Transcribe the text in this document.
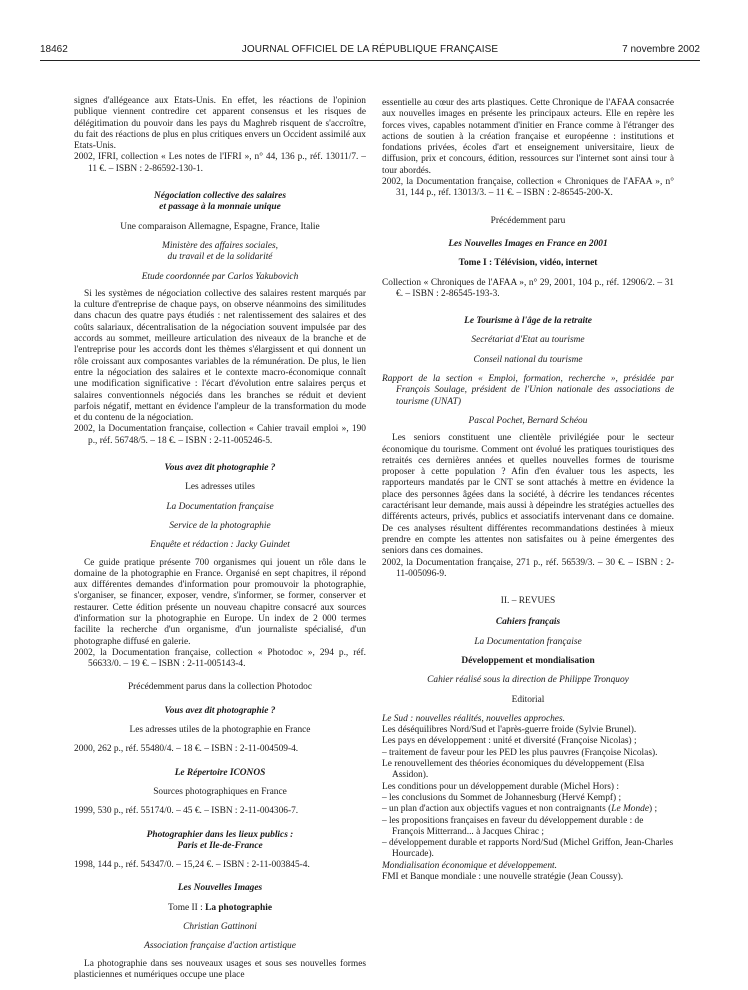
18462	JOURNAL OFFICIEL DE LA RÉPUBLIQUE FRANÇAISE	7 novembre 2002

signes d'allégeance aux Etats-Unis. En effet, les réactions de l'opinion publique viennent contredire cet apparent consensus et les risques de délégitimation du pouvoir dans les pays du Maghreb risquent de s'accroître, du fait des réactions de plus en plus critiques envers un Occident assimilé aux Etats-Unis.

2002, IFRI, collection « Les notes de l'IFRI », n° 44, 136 p., réf. 13011/7. – 11 €. – ISBN : 2-86592-130-1.

Négociation collective des salaires

et passage à la monnaie unique

Une comparaison Allemagne, Espagne, France, Italie

Ministère des affaires sociales,

du travail et de la solidarité

Etude coordonnée par Carlos Yakubovich

Si les systèmes de négociation collective des salaires restent marqués par la culture d'entreprise de chaque pays, on observe néanmoins des similitudes dans chacun des quatre pays étudiés : net ralentissement des salaires et des coûts salariaux, décentralisation de la négociation souvent impulsée par des accords au sommet, meilleure articulation des niveaux de la branche et de l'entreprise pour les accords dont les thèmes s'élargissent et qui donnent un rôle croissant aux composantes variables de la rémunération. De plus, le lien entre la négociation des salaires et le contexte macro-économique connaît une modification significative : l'écart d'évolution entre salaires perçus et salaires conventionnels négociés dans les branches se réduit et devient parfois négatif, mettant en évidence l'ampleur de la transformation du mode et du contenu de la négociation.

2002, la Documentation française, collection « Cahier travail emploi », 190 p., réf. 56748/5. – 18 €. – ISBN : 2-11-005246-5.

Vous avez dit photographie ?

Les adresses utiles

La Documentation française

Service de la photographie

Enquête et rédaction : Jacky Guindet

Ce guide pratique présente 700 organismes qui jouent un rôle dans le domaine de la photographie en France. Organisé en sept chapitres, il répond aux différentes demandes d'information pour promouvoir la photographie, s'organiser, se financer, exposer, vendre, s'informer, se former, conserver et restaurer. Cette édition présente un nouveau chapitre consacré aux sources d'information sur la photographie en Europe. Un index de 2 000 termes facilite la recherche d'un organisme, d'un journaliste spécialisé, d'un photographe diffusé en galerie.

2002, la Documentation française, collection « Photodoc », 294 p., réf. 56633/0. – 19 €. – ISBN : 2-11-005143-4.

Précédemment parus dans la collection Photodoc

Vous avez dit photographie ?

Les adresses utiles de la photographie en France

2000, 262 p., réf. 55480/4. – 18 €. – ISBN : 2-11-004509-4.

Le Répertoire ICONOS

Sources photographiques en France

1999, 530 p., réf. 55174/0. – 45 €. – ISBN : 2-11-004306-7.

Photographier dans les lieux publics :

Paris et Ile-de-France

1998, 144 p., réf. 54347/0. – 15,24 €. – ISBN : 2-11-003845-4.

Les Nouvelles Images

Tome II : La photographie

Christian Gattinoni

Association française d'action artistique

La photographie dans ses nouveaux usages et sous ses nouvelles formes plasticiennes et numériques occupe une place

essentielle au cœur des arts plastiques. Cette Chronique de l'AFAA consacrée aux nouvelles images en présente les principaux acteurs. Elle en repère les forces vives, capables notamment d'initier en France comme à l'étranger des actions de soutien à la création française et européenne : institutions et fondations privées, écoles d'art et enseignement universitaire, lieux de diffusion, prix et concours, édition, ressources sur l'internet sont ainsi tour à tour abordés.

2002, la Documentation française, collection « Chroniques de l'AFAA », n° 31, 144 p., réf. 13013/3. – 11 €. – ISBN : 2-86545-200-X.

Précédemment paru

Les Nouvelles Images en France en 2001

Tome I : Télévision, vidéo, internet

Collection « Chroniques de l'AFAA », n° 29, 2001, 104 p., réf. 12906/2. – 31 €. – ISBN : 2-86545-193-3.

Le Tourisme à l'âge de la retraite

Secrétariat d'Etat au tourisme

Conseil national du tourisme

Rapport de la section « Emploi, formation, recherche », présidée par François Soulage, président de l'Union nationale des associations de tourisme (UNAT)

Pascal Pochet, Bernard Schéou

Les seniors constituent une clientèle privilégiée pour le secteur économique du tourisme. Comment ont évolué les pratiques touristiques des retraités ces dernières années et quelles nouvelles formes de tourisme proposer à cette population ? Afin d'en évaluer tous les aspects, les rapporteurs mandatés par le CNT se sont attachés à mettre en évidence la place des personnes âgées dans la société, à décrire les tendances récentes caractérisant leur demande, mais aussi à dépeindre les stratégies actuelles des différents acteurs, privés, publics et associatifs intervenant dans ce domaine. De ces analyses résultent différentes recommandations destinées à mieux prendre en compte les attentes non satisfaites ou à peine émergentes des seniors dans ces domaines.

2002, la Documentation française, 271 p., réf. 56539/3. – 30 €. – ISBN : 2-11-005096-9.

II. – REVUES

Cahiers français

La Documentation française

Développement et mondialisation

Cahier réalisé sous la direction de Philippe Tronquoy

Editorial

Le Sud : nouvelles réalités, nouvelles approches.

Les déséquilibres Nord/Sud et l'après-guerre froide (Sylvie Brunel).

Les pays en développement : unité et diversité (Françoise Nicolas) ;

– traitement de faveur pour les PED les plus pauvres (Françoise Nicolas).

Le renouvellement des théories économiques du développement (Elsa Assidon).

Les conditions pour un développement durable (Michel Hors) :

– les conclusions du Sommet de Johannesburg (Hervé Kempf) ;

– un plan d'action aux objectifs vagues et non contraignants (Le Monde) ;

– les propositions françaises en faveur du développement durable : de François Mitterrand... à Jacques Chirac ;

– développement durable et rapports Nord/Sud (Michel Griffon, Jean-Charles Hourcade).

Mondialisation économique et développement.

FMI et Banque mondiale : une nouvelle stratégie (Jean Coussy).
